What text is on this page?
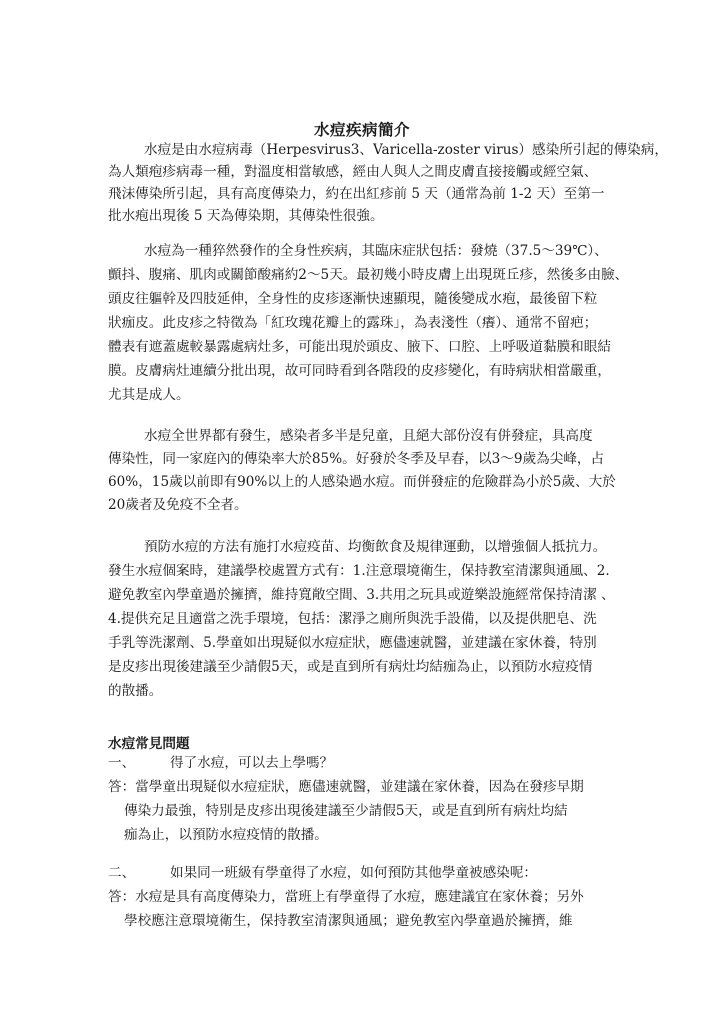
水痘疾病簡介
水痘是由水痘病毒（Herpesvirus3、Varicella-zoster virus）感染所引起的傳染病，
為人類疱疹病毒一種，對溫度相當敏感，經由人與人之間皮膚直接接觸或經空氣、
飛沫傳染所引起，具有高度傳染力，約在出紅疹前 5 天（通常為前 1-2 天）至第一
批水疱出現後 5 天為傳染期，其傳染性很強。
水痘為一種猝然發作的全身性疾病，其臨床症狀包括：發燒（37.5～39℃）、
顫抖、腹痛、肌肉或關節酸痛約2～5天。最初幾小時皮膚上出現斑丘疹，然後多由臉、
頭皮往軀幹及四肢延伸，全身性的皮疹逐漸快速顯現，隨後變成水疱，最後留下粒
狀痂皮。此皮疹之特徵為「紅玫瑰花瓣上的露珠」，為表淺性（癢）、通常不留疤；
體表有遮蓋處較暴露處病灶多，可能出現於頭皮、腋下、口腔、上呼吸道黏膜和眼結
膜。皮膚病灶連續分批出現，故可同時看到各階段的皮疹變化，有時病狀相當嚴重，
尤其是成人。
水痘全世界都有發生，感染者多半是兒童，且絕大部份沒有併發症，具高度
傳染性，同一家庭內的傳染率大於85%。好發於冬季及早春，以3～9歲為尖峰，占
60%，15歲以前即有90%以上的人感染過水痘。而併發症的危險群為小於5歲、大於
20歲者及免疫不全者。
預防水痘的方法有施打水痘疫苗、均衡飲食及規律運動，以增強個人抵抗力。
發生水痘個案時，建議學校處置方式有：1.注意環境衛生，保持教室清潔與通風、2.
避免教室內學童過於擁擠，維持寬敞空間、3.共用之玩具或遊樂設施經常保持清潔 、
4.提供充足且適當之洗手環境，包括：潔淨之廁所與洗手設備，以及提供肥皂、洗
手乳等洗潔劑、5.學童如出現疑似水痘症狀，應儘速就醫，並建議在家休養，特別
是皮疹出現後建議至少請假5天，或是直到所有病灶均結痂為止，以預防水痘疫情
的散播。
水痘常見問題
一、	得了水痘，可以去上學嗎？
答：當學童出現疑似水痘症狀，應儘速就醫，並建議在家休養，因為在發疹早期
傳染力最強，特別是皮疹出現後建議至少請假5天，或是直到所有病灶均結
痂為止，以預防水痘疫情的散播。
二、	如果同一班級有學童得了水痘，如何預防其他學童被感染呢：
答：水痘是具有高度傳染力，當班上有學童得了水痘，應建議宜在家休養；另外
學校應注意環境衛生，保持教室清潔與通風；避免教室內學童過於擁擠，維
